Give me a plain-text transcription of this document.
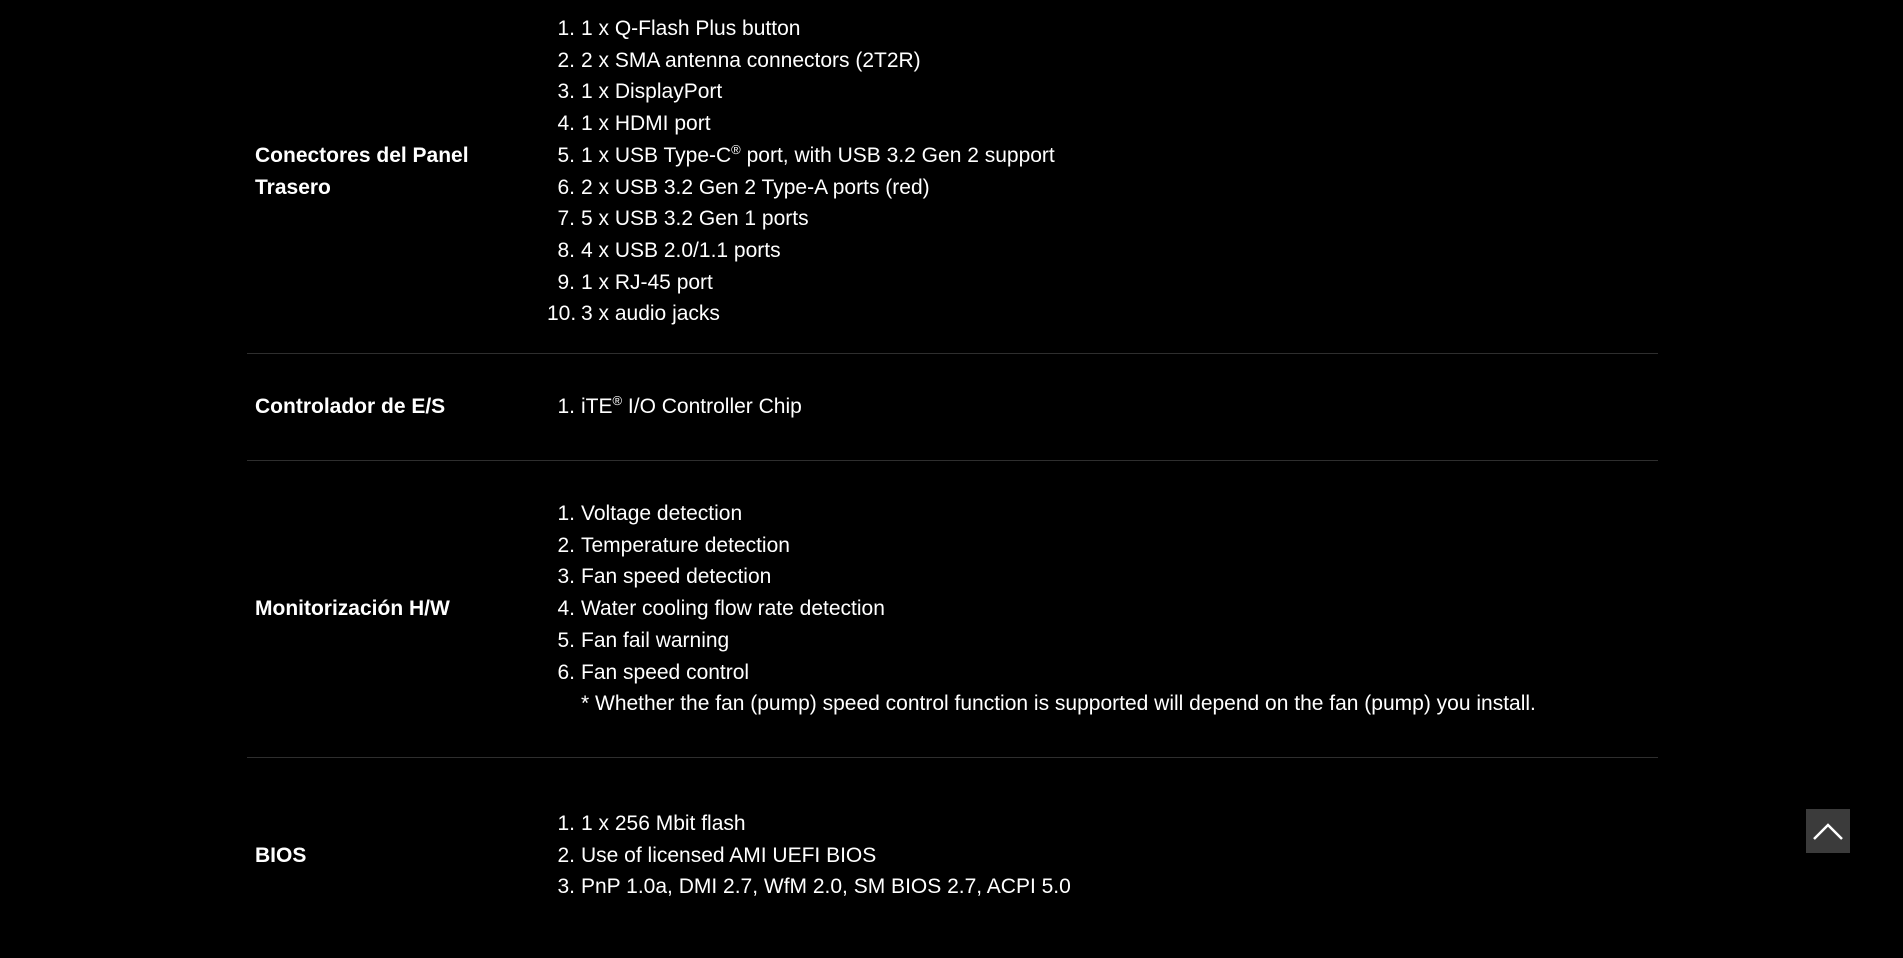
Conectores del Panel Trasero
1. 1 x Q-Flash Plus button
2. 2 x SMA antenna connectors (2T2R)
3. 1 x DisplayPort
4. 1 x HDMI port
5. 1 x USB Type-C® port, with USB 3.2 Gen 2 support
6. 2 x USB 3.2 Gen 2 Type-A ports (red)
7. 5 x USB 3.2 Gen 1 ports
8. 4 x USB 2.0/1.1 ports
9. 1 x RJ-45 port
10. 3 x audio jacks
Controlador de E/S	1. iTE® I/O Controller Chip
Monitorización H/W
1. Voltage detection
2. Temperature detection
3. Fan speed detection
4. Water cooling flow rate detection
5. Fan fail warning
6. Fan speed control
* Whether the fan (pump) speed control function is supported will depend on the fan (pump) you install.
BIOS
1. 1 x 256 Mbit flash
2. Use of licensed AMI UEFI BIOS
3. PnP 1.0a, DMI 2.7, WfM 2.0, SM BIOS 2.7, ACPI 5.0
